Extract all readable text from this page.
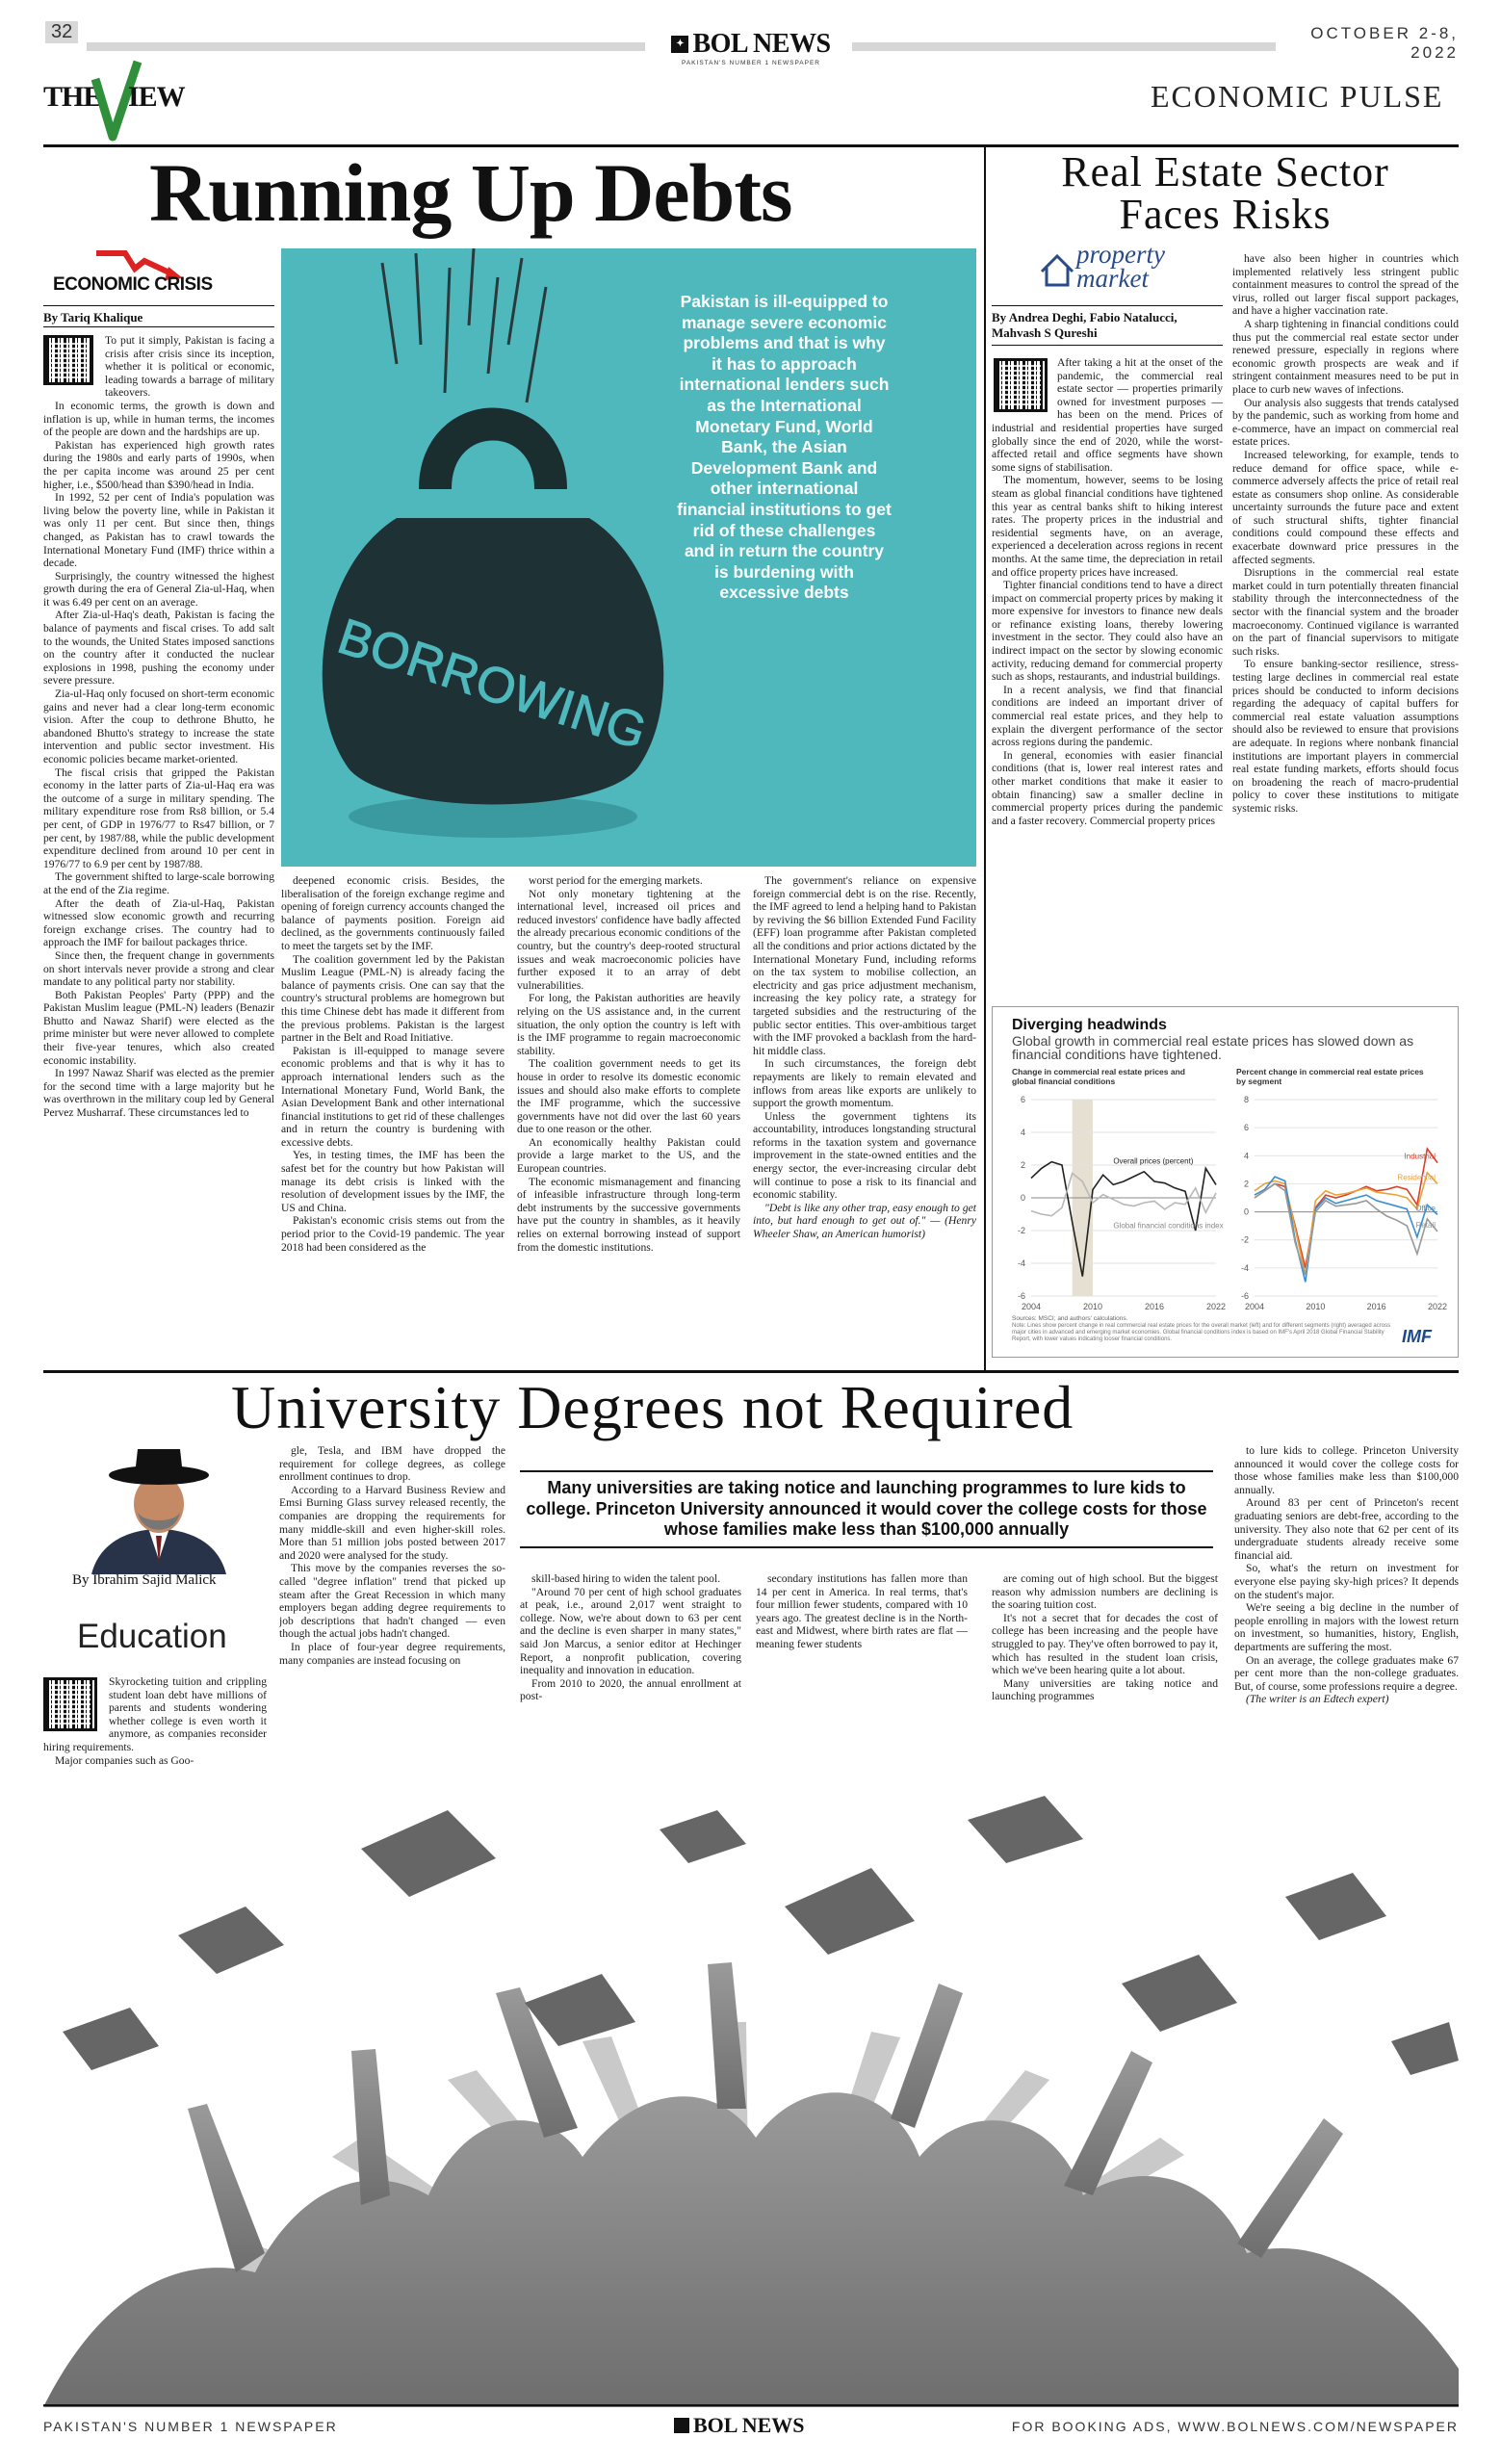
32
✦ BOL NEWS
PAKISTAN'S NUMBER 1 NEWSPAPER
OCTOBER 2-8, 2022
THE IEW	ECONOMIC PULSE
Running Up Debts
ECONOMIC CRISIS
By Tariq Khalique
BORROWING
Pakistan is ill-equipped to manage severe economic problems and that is why it has to approach international lenders such as the International Monetary Fund, World Bank, the Asian Development Bank and other international financial institutions to get rid of these challenges and in return the country is burdening with excessive debts

To put it simply, Pakistan is facing a crisis after crisis since its inception, whether it is political or economic, leading towards a barrage of military takeovers.

In economic terms, the growth is down and inflation is up, while in human terms, the incomes of the people are down and the hardships are up.

Pakistan has experienced high growth rates during the 1980s and early parts of 1990s, when the per capita income was around 25 per cent higher, i.e., $500/head than $390/head in India.

In 1992, 52 per cent of India's population was living below the poverty line, while in Pakistan it was only 11 per cent. But since then, things changed, as Pakistan has to crawl towards the International Monetary Fund (IMF) thrice within a decade.

Surprisingly, the country witnessed the highest growth during the era of General Zia-ul-Haq, when it was 6.49 per cent on an average.

After Zia-ul-Haq's death, Pakistan is facing the balance of payments and fiscal crises. To add salt to the wounds, the United States imposed sanctions on the country after it conducted the nuclear explosions in 1998, pushing the economy under severe pressure.

Zia-ul-Haq only focused on short-term economic gains and never had a clear long-term economic vision. After the coup to dethrone Bhutto, he abandoned Bhutto's strategy to increase the state intervention and public sector investment. His economic policies became market-oriented.

The fiscal crisis that gripped the Pakistan economy in the latter parts of Zia-ul-Haq era was the outcome of a surge in military spending. The military expenditure rose from Rs8 billion, or 5.4 per cent, of GDP in 1976/77 to Rs47 billion, or 7 per cent, by 1987/88, while the public development expenditure declined from around 10 per cent in 1976/77 to 6.9 per cent by 1987/88.

The government shifted to large-scale borrowing at the end of the Zia regime.

After the death of Zia-ul-Haq, Pakistan witnessed slow economic growth and recurring foreign exchange crises. The country had to approach the IMF for bailout packages thrice.

Since then, the frequent change in governments on short intervals never provide a strong and clear mandate to any political party nor stability.

Both Pakistan Peoples' Party (PPP) and the Pakistan Muslim league (PML-N) leaders (Benazir Bhutto and Nawaz Sharif) were elected as the prime minister but were never allowed to complete their five-year tenures, which also created economic instability.

In 1997 Nawaz Sharif was elected as the premier for the second time with a large majority but he was overthrown in the military coup led by General Pervez Musharraf. These circumstances led to

deepened economic crisis. Besides, the liberalisation of the foreign exchange regime and opening of foreign currency accounts changed the balance of payments position. Foreign aid declined, as the governments continuously failed to meet the targets set by the IMF.

The coalition government led by the Pakistan Muslim League (PML-N) is already facing the balance of payments crisis. One can say that the country's structural problems are homegrown but this time Chinese debt has made it different from the previous problems. Pakistan is the largest partner in the Belt and Road Initiative.

Pakistan is ill-equipped to manage severe economic problems and that is why it has to approach international lenders such as the International Monetary Fund, World Bank, the Asian Development Bank and other international financial institutions to get rid of these challenges and in return the country is burdening with excessive debts.

Yes, in testing times, the IMF has been the safest bet for the country but how Pakistan will manage its debt crisis is linked with the resolution of development issues by the IMF, the US and China.

Pakistan's economic crisis stems out from the period prior to the Covid-19 pandemic. The year 2018 had been considered as the

worst period for the emerging markets.

Not only monetary tightening at the international level, increased oil prices and reduced investors' confidence have badly affected the already precarious economic conditions of the country, but the country's deep-rooted structural issues and weak macroeconomic policies have further exposed it to an array of debt vulnerabilities.

For long, the Pakistan authorities are heavily relying on the US assistance and, in the current situation, the only option the country is left with is the IMF programme to regain macroeconomic stability.

The coalition government needs to get its house in order to resolve its domestic economic issues and should also make efforts to complete the IMF programme, which the successive governments have not did over the last 60 years due to one reason or the other.

An economically healthy Pakistan could provide a large market to the US, and the European countries.

The economic mismanagement and financing of infeasible infrastructure through long-term debt instruments by the successive governments have put the country in shambles, as it heavily relies on external borrowing instead of support from the domestic institutions.

The government's reliance on expensive foreign commercial debt is on the rise. Recently, the IMF agreed to lend a helping hand to Pakistan by reviving the $6 billion Extended Fund Facility (EFF) loan programme after Pakistan completed all the conditions and prior actions dictated by the International Monetary Fund, including reforms on the tax system to mobilise collection, an electricity and gas price adjustment mechanism, increasing the key policy rate, a strategy for targeted subsidies and the restructuring of the public sector entities. This over-ambitious target with the IMF provoked a backlash from the hard-hit middle class.

In such circumstances, the foreign debt repayments are likely to remain elevated and inflows from areas like exports are unlikely to support the growth momentum.

Unless the government tightens its accountability, introduces longstanding structural reforms in the taxation system and governance improvement in the state-owned entities and the energy sector, the ever-increasing circular debt will continue to pose a risk to its financial and economic stability.

"Debt is like any other trap, easy enough to get into, but hard enough to get out of." — (Henry Wheeler Shaw, an American humorist)

Real Estate Sector
Faces Risks
property
market
By Andrea Deghi, Fabio Natalucci, Mahvash S Qureshi

After taking a hit at the onset of the pandemic, the commercial real estate sector — properties primarily owned for investment purposes — has been on the mend. Prices of industrial and residential properties have surged globally since the end of 2020, while the worst-affected retail and office segments have shown some signs of stabilisation.

The momentum, however, seems to be losing steam as global financial conditions have tightened this year as central banks shift to hiking interest rates. The property prices in the industrial and residential segments have, on an average, experienced a deceleration across regions in recent months. At the same time, the depreciation in retail and office property prices have increased.

Tighter financial conditions tend to have a direct impact on commercial property prices by making it more expensive for investors to finance new deals or refinance existing loans, thereby lowering investment in the sector. They could also have an indirect impact on the sector by slowing economic activity, reducing demand for commercial property such as shops, restaurants, and industrial buildings.

In a recent analysis, we find that financial conditions are indeed an important driver of commercial real estate prices, and they help to explain the divergent performance of the sector across regions during the pandemic.

In general, economies with easier financial conditions (that is, lower real interest rates and other market conditions that make it easier to obtain financing) saw a smaller decline in commercial property prices during the pandemic and a faster recovery. Commercial property prices

have also been higher in countries which implemented relatively less stringent public containment measures to control the spread of the virus, rolled out larger fiscal support packages, and have a higher vaccination rate.

A sharp tightening in financial conditions could thus put the commercial real estate sector under renewed pressure, especially in regions where economic growth prospects are weak and if stringent containment measures need to be put in place to curb new waves of infections.

Our analysis also suggests that trends catalysed by the pandemic, such as working from home and e-commerce, have an impact on commercial real estate prices.

Increased teleworking, for example, tends to reduce demand for office space, while e-commerce adversely affects the price of retail real estate as consumers shop online. As considerable uncertainty surrounds the future pace and extent of such structural shifts, tighter financial conditions could compound these effects and exacerbate downward price pressures in the affected segments.

Disruptions in the commercial real estate market could in turn potentially threaten financial stability through the interconnectedness of the sector with the financial system and the broader macroeconomy. Continued vigilance is warranted on the part of financial supervisors to mitigate such risks.

To ensure banking-sector resilience, stress-testing large declines in commercial real estate prices should be conducted to inform decisions regarding the adequacy of capital buffers for commercial real estate valuation assumptions should also be reviewed to ensure that provisions are adequate. In regions where nonbank financial institutions are important players in commercial real estate funding markets, efforts should focus on broadening the reach of macro-prudential policy to cover these institutions to mitigate systemic risks.

Diverging headwinds
Global growth in commercial real estate prices has slowed down as financial conditions have tightened.
Change in commercial real estate prices and global financial conditions
Percent change in commercial real estate prices by segment
-6
-4
-2
0
2
4
6
2004	2010	2016	2022
Overall prices (percent)
Global financial conditions index
-6
-4
-2
0
2
4
6
8
2004	2010	2016	2022
Industrial
Residential
Office
Retail
Sources: MSCI; and authors' calculations.
Note: Lines show percent change in real commercial real estate prices for the overall market (left) and for different segments (right) averaged across major cities in advanced and emerging market economies. Global financial conditions index is based on IMF's April 2018 Global Financial Stability Report, with lower values indicating looser financial conditions.	IMF
University Degrees not Required
By Ibrahim Sajid Malick
Education

Skyrocketing tuition and crippling student loan debt have millions of parents and students wondering whether college is even worth it anymore, as companies reconsider hiring requirements.

Major companies such as Goo-

gle, Tesla, and IBM have dropped the requirement for college degrees, as college enrollment continues to drop.

According to a Harvard Business Review and Emsi Burning Glass survey released recently, the companies are dropping the requirements for many middle-skill and even higher-skill roles. More than 51 million jobs posted between 2017 and 2020 were analysed for the study.

This move by the companies reverses the so-called "degree inflation" trend that picked up steam after the Great Recession in which many employers began adding degree requirements to job descriptions that hadn't changed — even though the actual jobs hadn't changed.

In place of four-year degree requirements, many companies are instead focusing on

Many universities are taking notice and launching programmes to lure kids to college. Princeton University announced it would cover the college costs for those whose families make less than $100,000 annually

skill-based hiring to widen the talent pool.

"Around 70 per cent of high school graduates at peak, i.e., around 2,017 went straight to college. Now, we're about down to 63 per cent and the decline is even sharper in many states," said Jon Marcus, a senior editor at Hechinger Report, a nonprofit publication, covering inequality and innovation in education.

From 2010 to 2020, the annual enrollment at post-

secondary institutions has fallen more than 14 per cent in America. In real terms, that's four million fewer students, compared with 10 years ago. The greatest decline is in the North-east and Midwest, where birth rates are flat — meaning fewer students

are coming out of high school. But the biggest reason why admission numbers are declining is the soaring tuition cost.

It's not a secret that for decades the cost of college has been increasing and the people have struggled to pay. They've often borrowed to pay it, which has resulted in the student loan crisis, which we've been hearing quite a lot about.

Many universities are taking notice and launching programmes

to lure kids to college. Princeton University announced it would cover the college costs for those whose families make less than $100,000 annually.

Around 83 per cent of Princeton's recent graduating seniors are debt-free, according to the university. They also note that 62 per cent of its undergraduate students already receive some financial aid.

So, what's the return on investment for everyone else paying sky-high prices? It depends on the student's major.

We're seeing a big decline in the number of people enrolling in majors with the lowest return on investment, so humanities, history, English, departments are suffering the most.

On an average, the college graduates make 67 per cent more than the non-college graduates. But, of course, some professions require a degree.

(The writer is an Edtech expert)

PAKISTAN'S NUMBER 1 NEWSPAPER	BOL NEWS	FOR BOOKING ADS, WWW.BOLNEWS.COM/NEWSPAPER
